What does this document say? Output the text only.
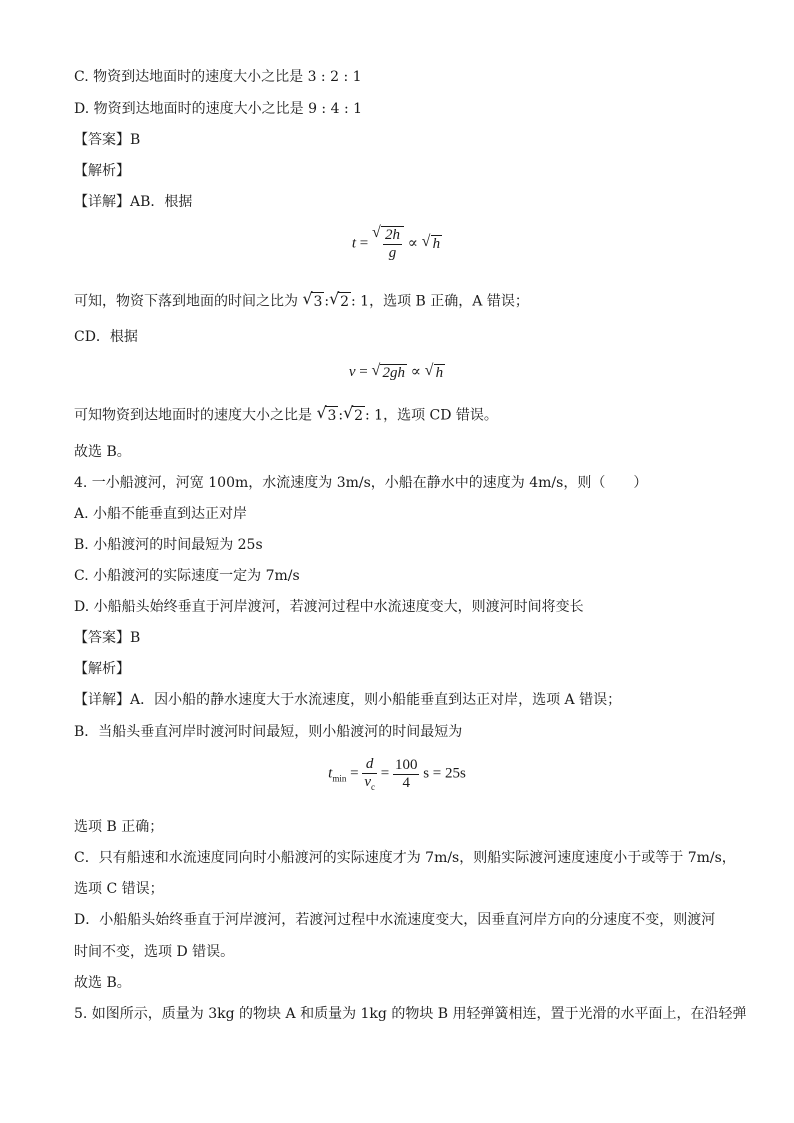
C. 物资到达地面时的速度大小之比是 3 : 2 : 1
D. 物资到达地面时的速度大小之比是 9 : 4 : 1
【答案】B
【解析】
【详解】AB．根据
t =
√ $\frac{2h}{g}$ ∝ √ h
可知，物资下落到地面的时间之比为 √ 3 : √ 2 : 1，选项 B 正确，A 错误；
CD．根据
v = √ 2gh ∝ √ h
可知物资到达地面时的速度大小之比是 √ 3 : √ 2 : 1，选项 CD 错误。
故选 B。
4. 一小船渡河，河宽 100m，水流速度为 3m/s，小船在静水中的速度为 4m/s，则（　　）
A. 小船不能垂直到达正对岸
B. 小船渡河的时间最短为 25s
C. 小船渡河的实际速度一定为 7m/s
D. 小船船头始终垂直于河岸渡河，若渡河过程中水流速度变大，则渡河时间将变长
【答案】B
【解析】
【详解】A．因小船的静水速度大于水流速度，则小船能垂直到达正对岸，选项 A 错误；
B．当船头垂直河岸时渡河时间最短，则小船渡河的时间最短为
$t_{min} = \frac{d}{v_c} = \frac{100}{4}$ s = 25s
选项 B 正确；
C．只有船速和水流速度同向时小船渡河的实际速度才为 7m/s，则船实际渡河速度速度小于或等于 7m/s，
选项 C 错误；
D．小船船头始终垂直于河岸渡河，若渡河过程中水流速度变大，因垂直河岸方向的分速度不变，则渡河
时间不变，选项 D 错误。
故选 B。
5. 如图所示，质量为 3kg 的物块 A 和质量为 1kg 的物块 B 用轻弹簧相连，置于光滑的水平面上，在沿轻弹
